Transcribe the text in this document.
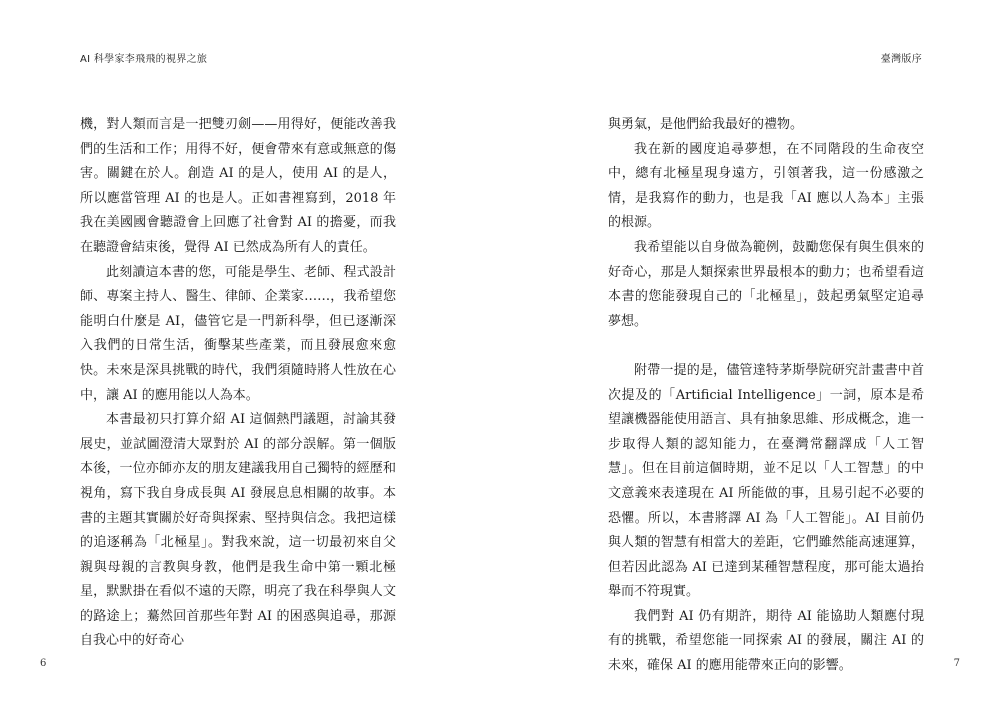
AI 科學家李飛飛的視界之旅	臺灣版序

機，對人類而言是一把雙刃劍——用得好，便能改善我們的生活和工作；用得不好，便會帶來有意或無意的傷害。關鍵在於人。創造 AI 的是人，使用 AI 的是人，所以應當管理 AI 的也是人。正如書裡寫到，2018 年我在美國國會聽證會上回應了社會對 AI 的擔憂，而我在聽證會結束後，覺得 AI 已然成為所有人的責任。

此刻讀這本書的您，可能是學生、老師、程式設計師、專案主持人、醫生、律師、企業家……，我希望您能明白什麼是 AI，儘管它是一門新科學，但已逐漸深入我們的日常生活，衝擊某些產業，而且發展愈來愈快。未來是深具挑戰的時代，我們須隨時將人性放在心中，讓 AI 的應用能以人為本。

本書最初只打算介紹 AI 這個熱門議題，討論其發展史，並試圖澄清大眾對於 AI 的部分誤解。第一個版本後，一位亦師亦友的朋友建議我用自己獨特的經歷和視角，寫下我自身成長與 AI 發展息息相關的故事。本書的主題其實關於好奇與探索、堅持與信念。我把這樣的追逐稱為「北極星」。對我來說，這一切最初來自父親與母親的言教與身教，他們是我生命中第一顆北極星，默默掛在看似不遠的天際，明亮了我在科學與人文的路途上；驀然回首那些年對 AI 的困惑與追尋，那源自我心中的好奇心

與勇氣，是他們給我最好的禮物。

我在新的國度追尋夢想，在不同階段的生命夜空中，總有北極星現身遠方，引領著我，這一份感激之情，是我寫作的動力，也是我「AI 應以人為本」主張的根源。

我希望能以自身做為範例，鼓勵您保有與生俱來的好奇心，那是人類探索世界最根本的動力；也希望看這本書的您能發現自己的「北極星」，鼓起勇氣堅定追尋夢想。

附帶一提的是，儘管達特茅斯學院研究計畫書中首次提及的「Artificial Intelligence」一詞，原本是希望讓機器能使用語言、具有抽象思維、形成概念，進一步取得人類的認知能力，在臺灣常翻譯成「人工智慧」。但在目前這個時期，並不足以「人工智慧」的中文意義來表達現在 AI 所能做的事，且易引起不必要的恐懼。所以，本書將譯 AI 為「人工智能」。AI 目前仍與人類的智慧有相當大的差距，它們雖然能高速運算，但若因此認為 AI 已達到某種智慧程度，那可能太過抬舉而不符現實。

我們對 AI 仍有期許，期待 AI 能協助人類應付現有的挑戰，希望您能一同探索 AI 的發展，關注 AI 的未來，確保 AI 的應用能帶來正向的影響。

6	7
